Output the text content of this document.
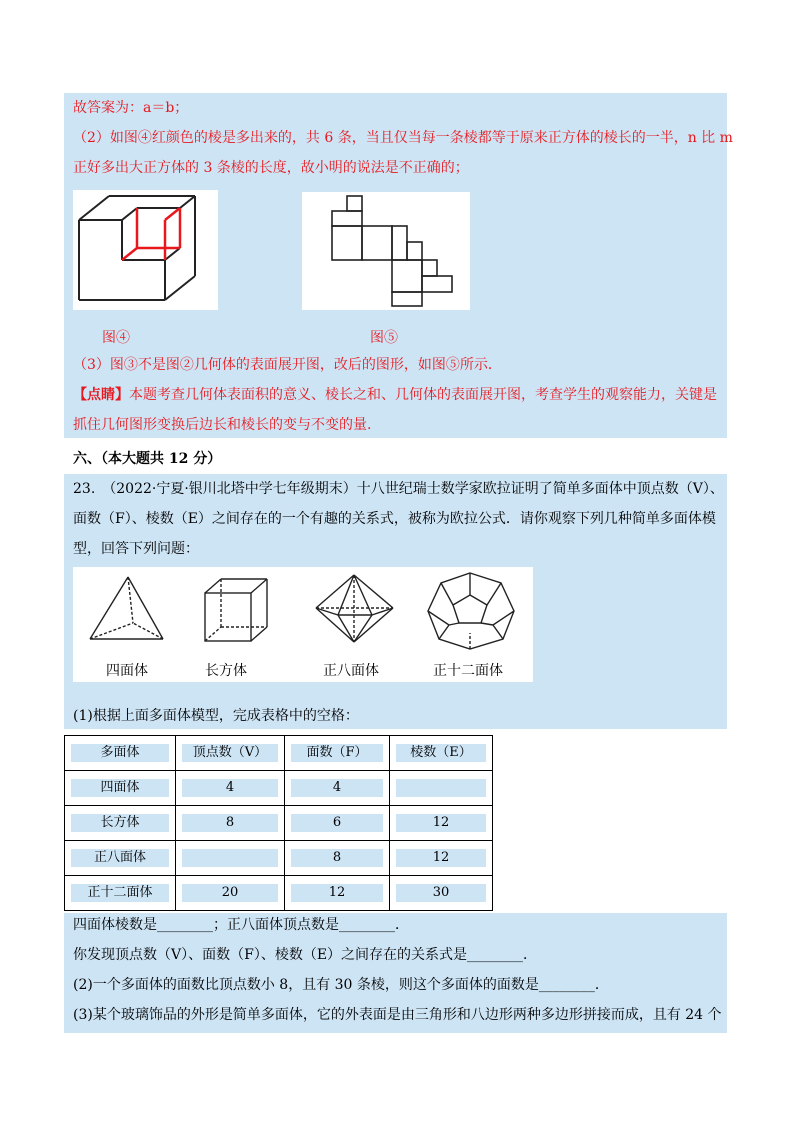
故答案为：a＝b；
（2）如图④红颜色的棱是多出来的，共 6 条，当且仅当每一条棱都等于原来正方体的棱长的一半，n 比 m
正好多出大正方体的 3 条棱的长度，故小明的说法是不正确的；
图④	图⑤
（3）图③不是图②几何体的表面展开图，改后的图形，如图⑤所示．
【点睛】本题考查几何体表面积的意义、棱长之和、几何体的表面展开图，考查学生的观察能力，关键是
抓住几何图形变换后边长和棱长的变与不变的量.
六、（本大题共 12 分）
23.　（2022·宁夏·银川北塔中学七年级期末）十八世纪瑞士数学家欧拉证明了简单多面体中顶点数（V）、
面数（F）、棱数（E）之间存在的一个有趣的关系式，被称为欧拉公式．请你观察下列几种简单多面体模
型，回答下列问题：
四面体	长方体	正八面体	正十二面体
(1)根据上面多面体模型，完成表格中的空格：
多面体	顶点数（V）	面数（F）	棱数（E）

四面体	4	4	

长方体	8	6	12

正八面体		8	12

正十二面体	20	12	30
四面体棱数是________；正八面体顶点数是________．
你发现顶点数（V）、面数（F）、棱数（E）之间存在的关系式是________．
(2)一个多面体的面数比顶点数小 8，且有 30 条棱，则这个多面体的面数是________．
(3)某个玻璃饰品的外形是简单多面体，它的外表面是由三角形和八边形两种多边形拼接而成，且有 24 个
